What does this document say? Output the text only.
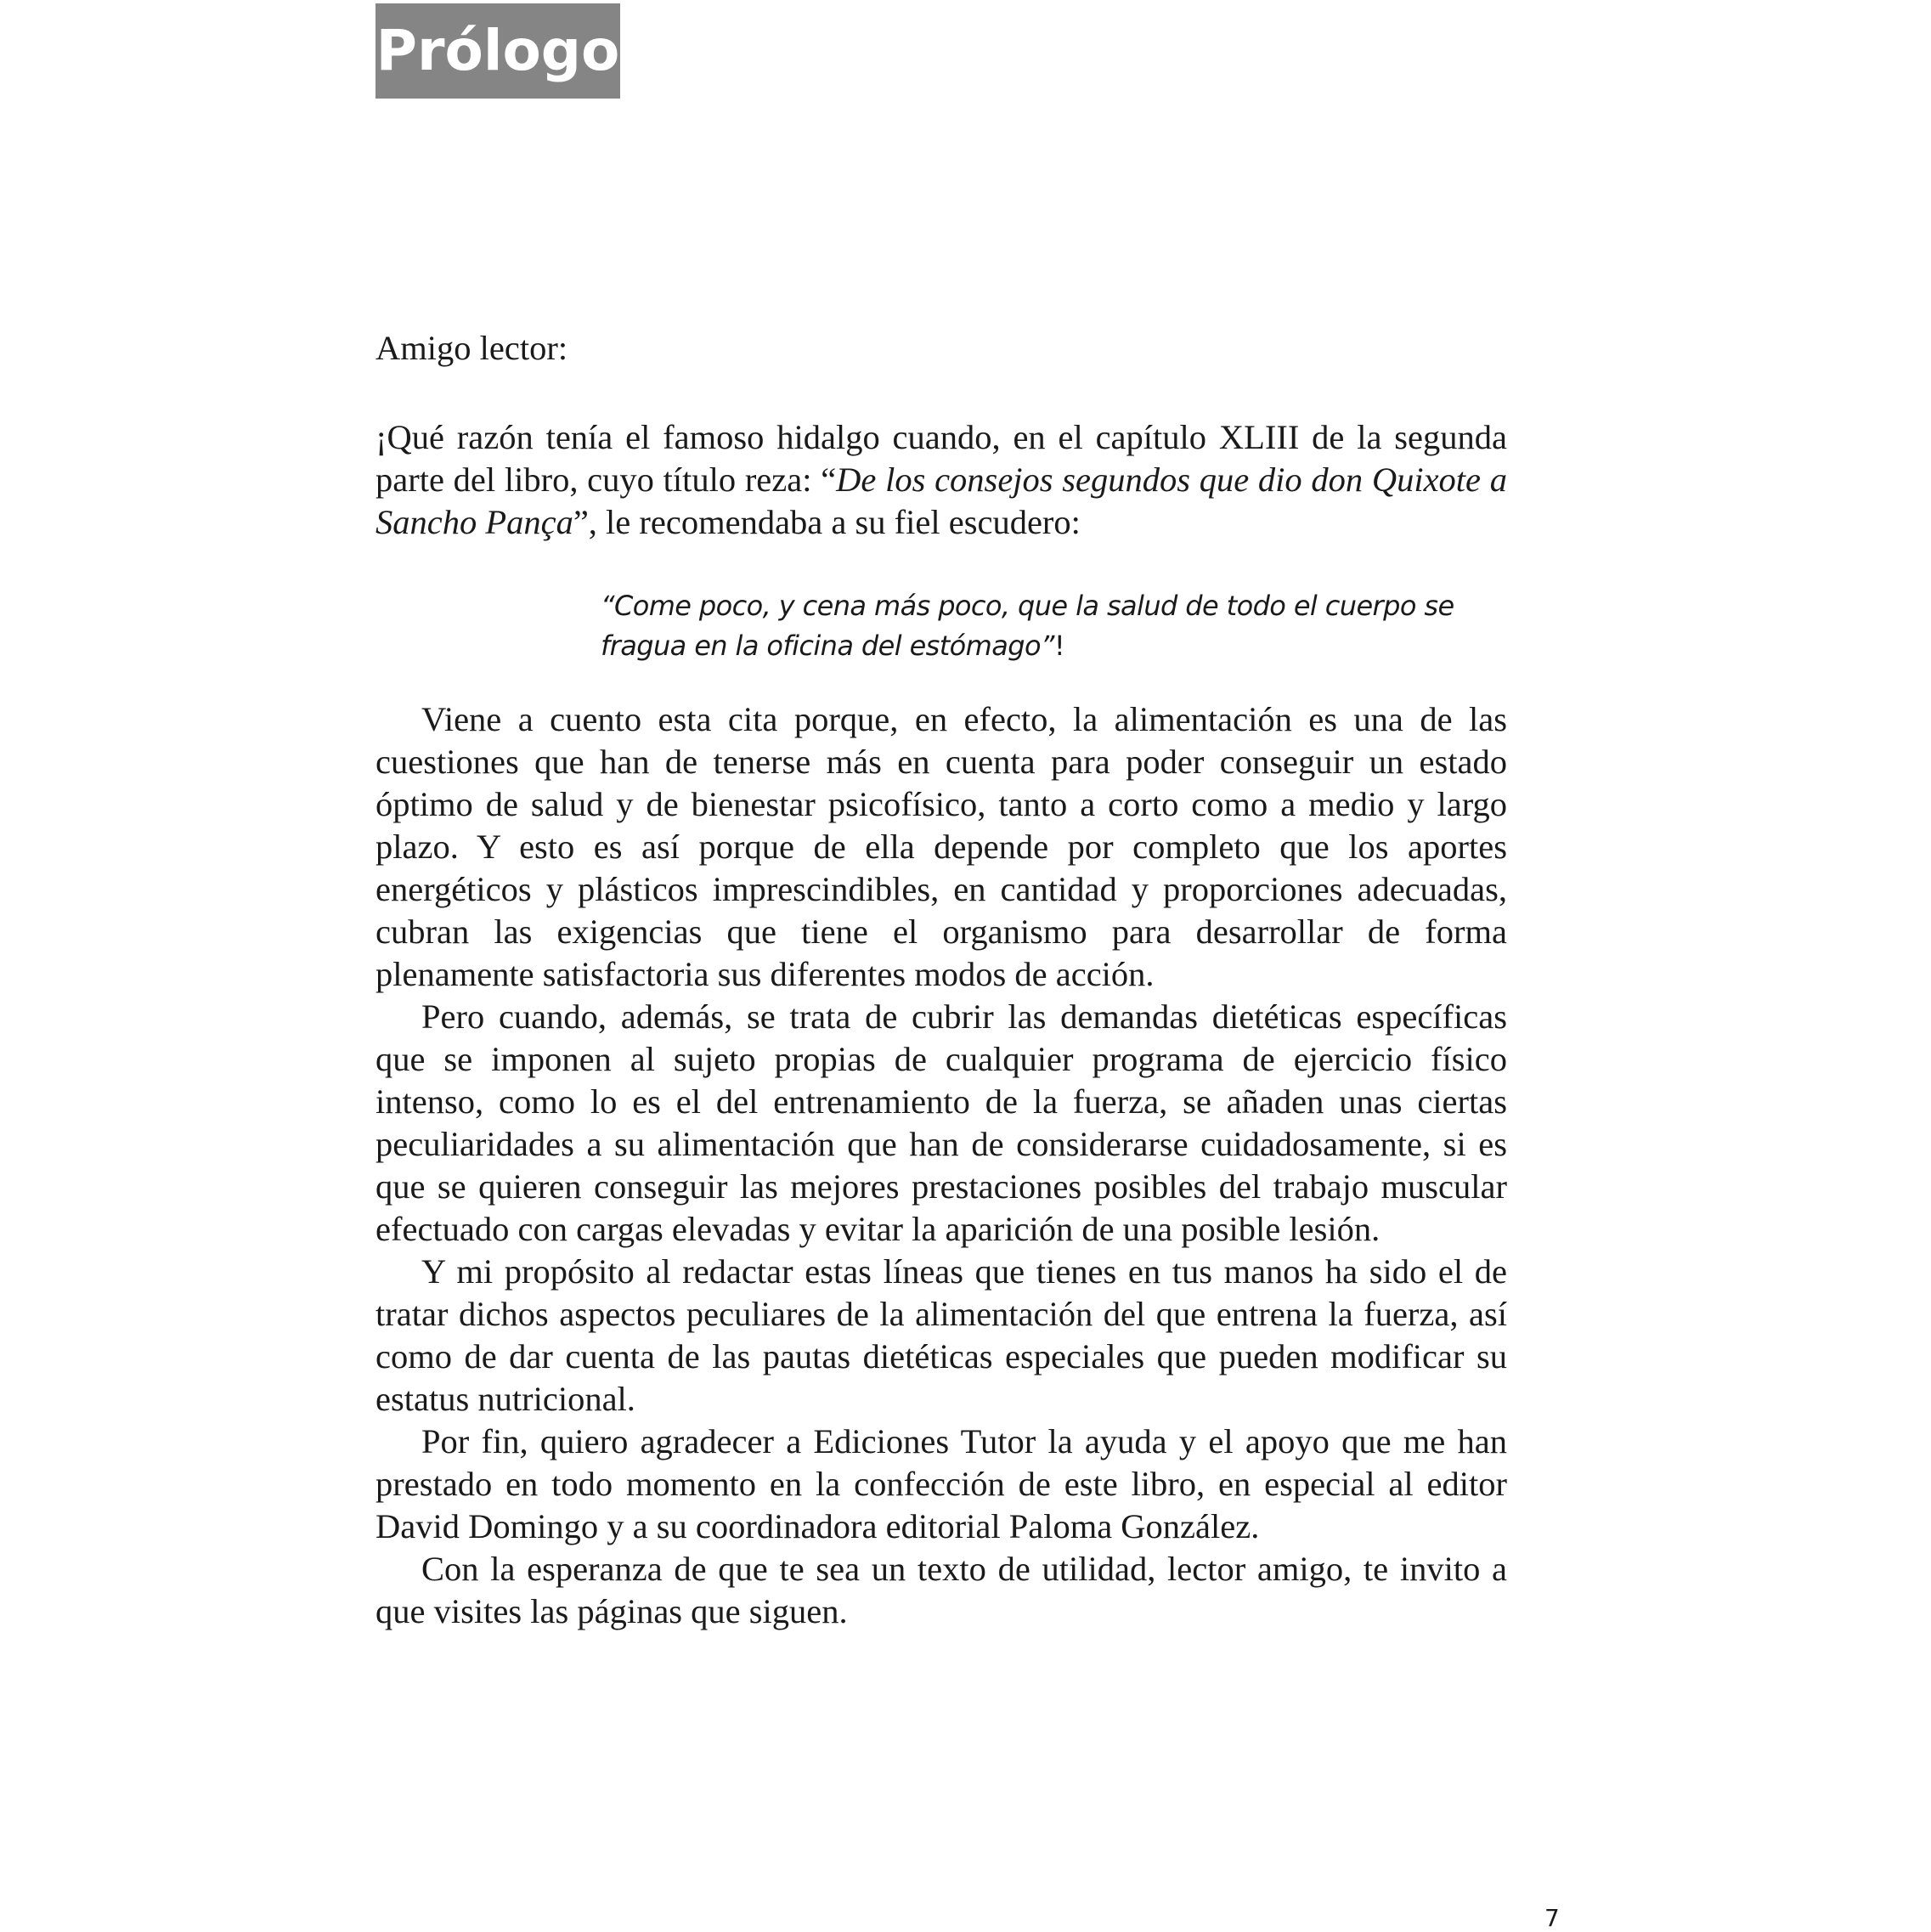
Prólogo
Amigo lector:

¡Qué razón tenía el famoso hidalgo cuando, en el capítulo XLIII de la segunda parte del libro, cuyo título reza: “De los consejos segundos que dio don Quixote a Sancho Pança”, le recomendaba a su fiel escudero:

“Come poco, y cena más poco, que la salud de todo el cuerpo se fragua en la oficina del estómago”!

Viene a cuento esta cita porque, en efecto, la alimentación es una de las cuestiones que han de tenerse más en cuenta para poder conseguir un estado óptimo de salud y de bienestar psicofísico, tanto a corto como a medio y largo plazo. Y esto es así porque de ella depende por completo que los aportes energéticos y plásticos imprescindibles, en cantidad y proporciones adecuadas, cubran las exigencias que tiene el organismo para desarrollar de forma plenamente satisfactoria sus diferentes modos de acción.

Pero cuando, además, se trata de cubrir las demandas dietéticas específicas que se imponen al sujeto propias de cualquier programa de ejercicio físico intenso, como lo es el del entrenamiento de la fuerza, se añaden unas ciertas peculiaridades a su alimentación que han de considerarse cuidadosamente, si es que se quieren conseguir las mejores prestaciones posibles del trabajo muscular efectuado con cargas elevadas y evitar la aparición de una posible lesión.

Y mi propósito al redactar estas líneas que tienes en tus manos ha sido el de tratar dichos aspectos peculiares de la alimentación del que entrena la fuerza, así como de dar cuenta de las pautas dietéticas especiales que pueden modificar su estatus nutricional.

Por fin, quiero agradecer a Ediciones Tutor la ayuda y el apoyo que me han prestado en todo momento en la confección de este libro, en especial al editor David Domingo y a su coordinadora editorial Paloma González.

Con la esperanza de que te sea un texto de utilidad, lector amigo, te invito a que visites las páginas que siguen.

7
